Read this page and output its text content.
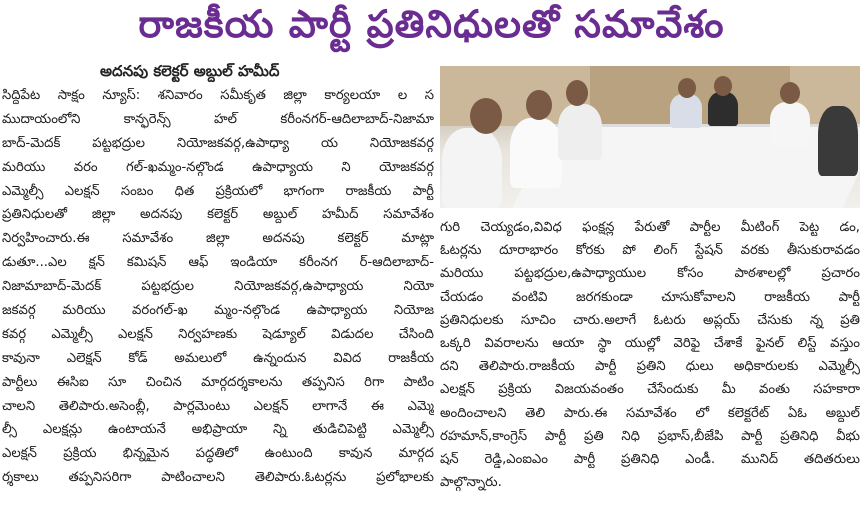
రాజకీయ పార్టీ ప్రతినిధులతో సమావేశం
అదనపు కలెక్టర్ అబ్దుల్ హమీద్
సిద్దిపేట సాక్షం న్యూస్: శనివారం సమీకృత జిల్లా కార్యలయా ల స
ముదాయంలోని కాన్ఫరెన్స్ హల్ కరీంనగర్-ఆదిలాబాద్-నిజామా
బాద్-మెదక్ పట్టభద్రుల నియోజకవర్గ,ఉపాధ్యా య నియోజకవర్గ
మరియు వరం గల్-ఖమ్మం-నల్గొండ ఉపాధ్యాయ ని యోజకవర్గ
ఎమ్మెల్సీ ఎలక్షన్ సంబం ధిత ప్రక్రియలో భాగంగా రాజకీయ పార్టీ
ప్రతినిధులతో జిల్లా అదనపు కలెక్టర్ అబ్దుల్ హమీద్ సమావేశం
నిర్వహించారు.ఈ సమావేశం జిల్లా అదనపు కలెక్టర్ మాట్లా
డుతూ...ఎల క్షన్ కమిషన్ ఆఫ్ ఇండియా కరీంనగ ర్-ఆదిలాబాద్-
నిజామాబాద్-మెదక్ పట్టభద్రుల నియోజకవర్గ,ఉపాధ్యాయ నియో
జకవర్గ మరియు వరంగల్-ఖ మ్మం-నల్గొండ ఉపాధ్యాయ నియోజ
కవర్గ ఎమ్మెల్సీ ఎలక్షన్ నిర్వహణకు షెడ్యూల్ విడుదల చేసింది
కావునా ఎలెక్షన్ కోడ్ అమలులో ఉన్నందున వివిద రాజకీయ
పార్టీలు ఈసిఐ సూ చించిన మార్గదర్శకాలను తప్పనిస రిగా పాటిం
చాలని తెలిపారు.అసెంబ్లీ, పార్లమెంటు ఎలక్షన్ లాగానే ఈ ఎమ్మె
ల్సీ ఎలక్షన్లు ఉంటాయనే అభిప్రాయా న్ని తుడిచిపెట్టి ఎమ్మెల్సీ
ఎలక్షన్ ప్రక్రియ భిన్నమైన పద్ధతిలో ఉంటుంది కావున మార్గద
ర్శకాలు తప్పనిసరిగా పాటించాలని తెలిపారు.ఓటర్లను ప్రలోభాలకు
గురి చెయ్యడం,వివిధ ఫంక్షన్ల పేరుతో పార్టీల మీటింగ్ పెట్ట డం,
ఓటర్లను దూరాభారం కోరకు పో లింగ్ స్టేషన్ వరకు తీసుకురావడం
మరియు పట్టభద్రుల,ఉపాధ్యాయుల కోసం పాఠశాలల్లో ప్రచారం
చేయడం వంటివి జరగకుండా చూసుకోవాలని రాజకీయ పార్టీ
ప్రతినిధులకు సూచిం చారు.అలాగే ఓటరు అప్లయ్ చేసుకు న్న ప్రతి
ఒక్కరి వివరాలను ఆయా స్థా యుల్లో వెరిఫై చేశాకే ఫైనల్ లిస్ట్ వస్తుం
దని తెలిపారు.రాజకీయ పార్టీ ప్రతిని ధులు అధికారులకు ఎమ్మెల్సీ
ఎలక్షన్ ప్రక్రియ విజయవంతం చేసేందుకు మీ వంతు సహకారా
అందించాలని తెలి పారు.ఈ సమావేశం లో కలెక్టరేట్ ఏఓ అబ్దుల్
రహమాన్,కాంగ్రెస్ పార్టీ ప్రతి నిధి ప్రభాస్,బీజేపి పార్టీ ప్రతినిధి వీభు
షన్ రెడ్డి,ఎంఐఎం పార్టీ ప్రతినిధి ఎండీ. మునిద్ తదితరులు
పాల్గొన్నారు.
